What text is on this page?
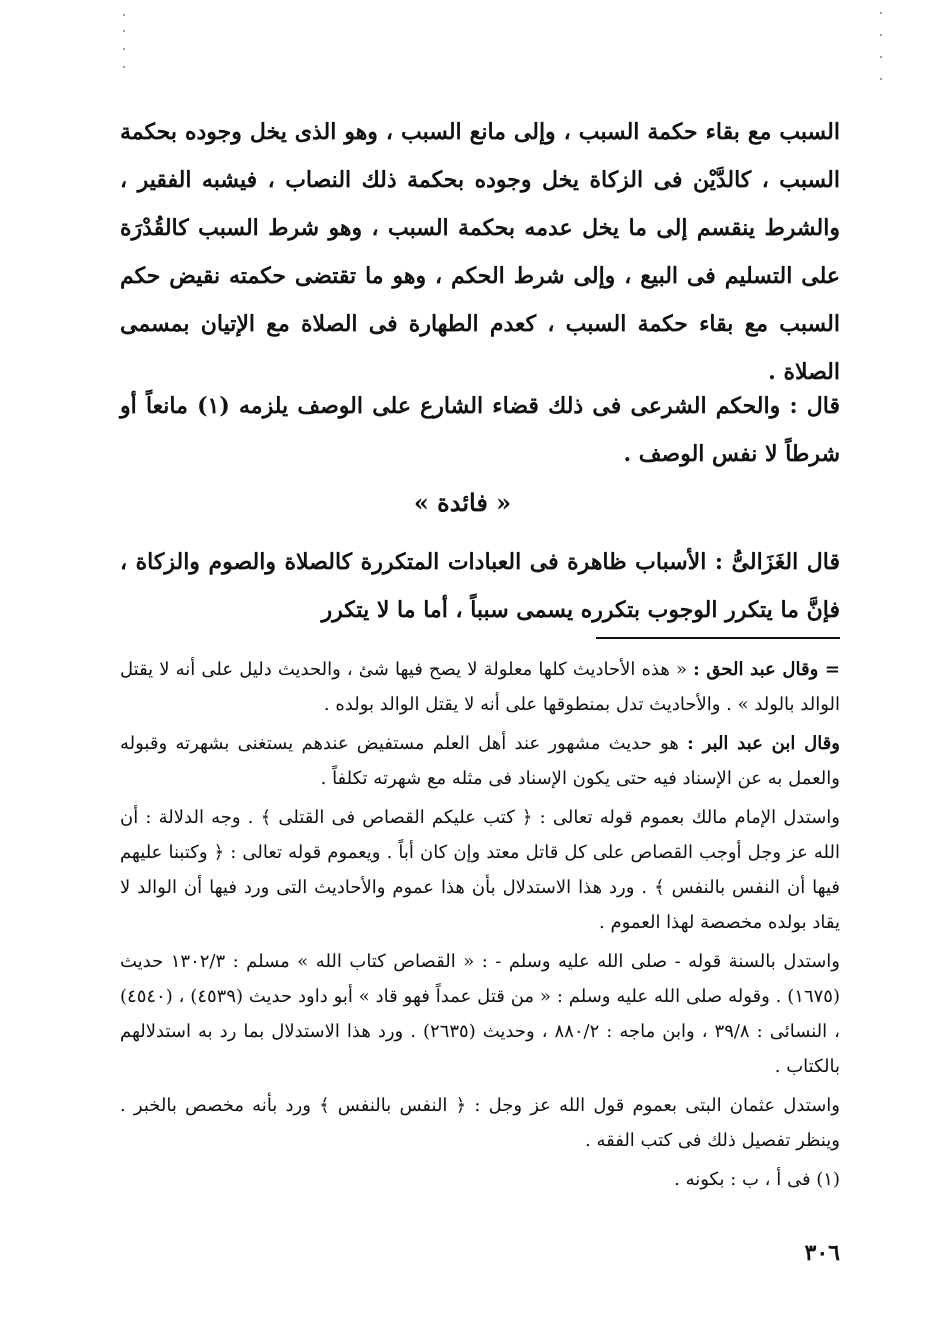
السبب مع بقاء حكمة السبب ، وإلى مانع السبب ، وهو الذى يخل وجوده بحكمة السبب ، كالدَّيْن فى الزكاة يخل وجوده بحكمة ذلك النصاب ، فيشبه الفقير ، والشرط ينقسم إلى ما يخل عدمه بحكمة السبب ، وهو شرط السبب كالقُدْرَة على التسليم فى البيع ، وإلى شرط الحكم ، وهو ما تقتضى حكمته نقيض حكم السبب مع بقاء حكمة السبب ، كعدم الطهارة فى الصلاة مع الإتيان بمسمى الصلاة .

قال : والحكم الشرعى فى ذلك قضاء الشارع على الوصف يلزمه (١) مانعاً أو شرطاً لا نفس الوصف .

« فائدة »

قال الغَزَالىُّ : الأسباب ظاهرة فى العبادات المتكررة كالصلاة والصوم والزكاة ، فإنَّ ما يتكرر الوجوب بتكرره يسمى سبباً ، أما ما لا يتكرر

= وقال عبد الحق : « هذه الأحاديث كلها معلولة لا يصح فيها شئ ، والحديث دليل على أنه لا يقتل الوالد بالولد » . والأحاديث تدل بمنطوقها على أنه لا يقتل الوالد بولده .

وقال ابن عبد البر : هو حديث مشهور عند أهل العلم مستفيض عندهم يستغنى بشهرته وقبوله والعمل به عن الإسناد فيه حتى يكون الإسناد فى مثله مع شهرته تكلفاً .

واستدل الإمام مالك بعموم قوله تعالى : ﴿ كتب عليكم القصاص فى القتلى ﴾ . وجه الدلالة : أن الله عز وجل أوجب القصاص على كل قاتل معتد وإن كان أباً . ويعموم قوله تعالى : ﴿ وكتبنا عليهم فيها أن النفس بالنفس ﴾ . ورد هذا الاستدلال بأن هذا عموم والأحاديث التى ورد فيها أن الوالد لا يقاد بولده مخصصة لهذا العموم .

واستدل بالسنة قوله - صلى الله عليه وسلم - : « القصاص كتاب الله » مسلم : ١٣٠٢/٣ حديث (١٦٧٥) . وقوله صلى الله عليه وسلم : « من قتل عمداً فهو قاد » أبو داود حديث (٤٥٣٩) ، (٤٥٤٠) ، النسائى : ٣٩/٨ ، وابن ماجه : ٨٨٠/٢ ، وحديث (٢٦٣٥) . ورد هذا الاستدلال بما رد به استدلالهم بالكتاب .

واستدل عثمان البتى بعموم قول الله عز وجل : ﴿ النفس بالنفس ﴾ ورد بأنه مخصص بالخبر . وينظر تفصيل ذلك فى كتب الفقه .

(١) فى أ ، ب : بكونه .

٣٠٦
